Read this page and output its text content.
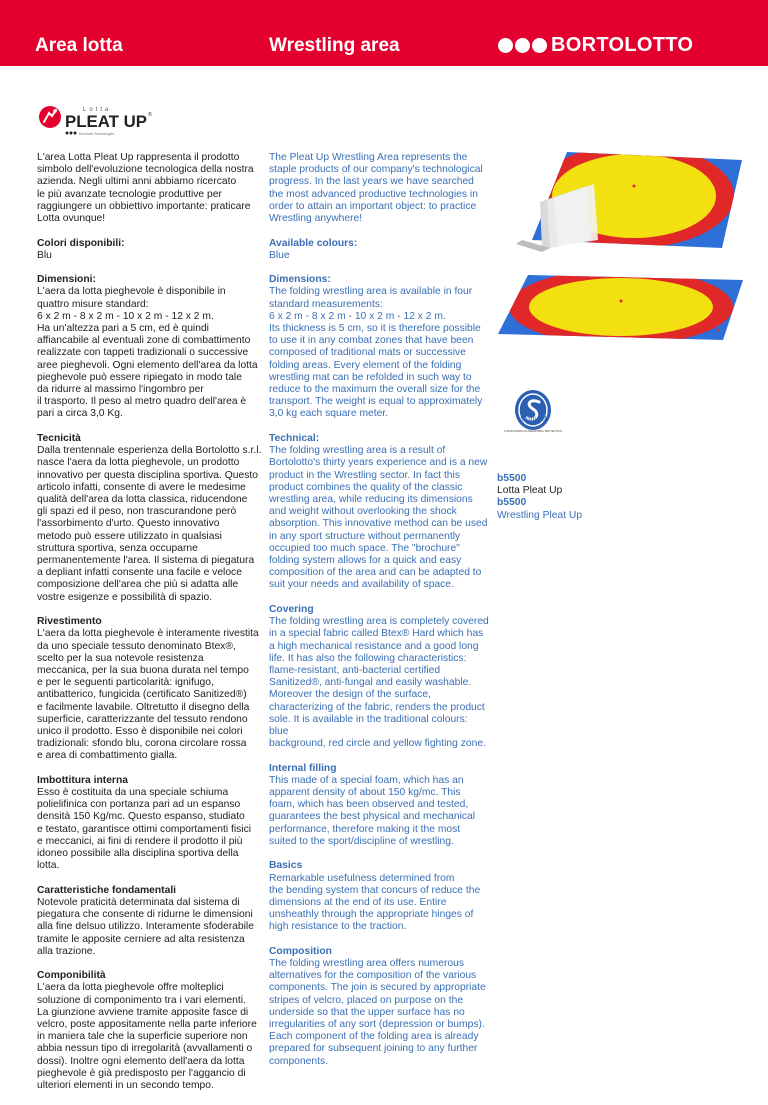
Area lotta	Wrestling area	BORTOLOTTO
Lotta
PLEAT UP ®
Bortolotto Technologies
L'area Lotta Pleat Up rappresenta il prodotto
simbolo dell'evoluzione tecnologica della nostra
azienda. Negli ultimi anni abbiamo ricercato
le più avanzate tecnologie produttive per
raggiungere un obbiettivo importante: praticare
Lotta ovunque!
Colori disponibili:
Blu
Dimensioni:
L'aera da lotta pieghevole è disponibile in
quattro misure standard:
6 x 2 m - 8 x 2 m - 10 x 2 m - 12 x 2 m.
Ha un'altezza pari a 5 cm, ed è quindi
affiancabile al eventuali zone di combattimento
realizzate con tappeti tradizionali o successive
aree pieghevoli. Ogni elemento dell'area da lotta
pieghevole può essere ripiegato in modo tale
da ridurre al massimo l'ingombro per
il trasporto. Il peso al metro quadro dell'area è
pari a circa 3,0 Kg.
Tecnicità
Dalla trentennale esperienza della Bortolotto s.r.l.
nasce l'aera da lotta pieghevole, un prodotto
innovativo per questa disciplina sportiva. Questo
articolo infatti, consente di avere le medesime
qualità dell'area da lotta classica, riducendone
gli spazi ed il peso, non trascurandone però
l'assorbimento d'urto. Questo innovativo
metodo può essere utilizzato in qualsiasi
struttura sportiva, senza occuparne
permanentemente l'area. Il sistema di piegatura
a depliant infatti consente una facile e veloce
composizione dell'area che più si adatta alle
vostre esigenze e possibilità di spazio.
Rivestimento
L'aera da lotta pieghevole è interamente rivestita
da uno speciale tessuto denominato Btex®,
scelto per la sua notevole resistenza
meccanica, per la sua buona durata nel tempo
e per le seguenti particolarità: ignifugo,
antibatterico, fungicida (certificato Sanitized®)
e facilmente lavabile. Oltretutto il disegno della
superficie, caratterizzante del tessuto rendono
unico il prodotto. Esso è disponibile nei colori
tradizionali: sfondo blu, corona circolare rossa
e area di combattimento gialla.
Imbottitura interna
Esso è costituita da una speciale schiuma
polielifinica con portanza pari ad un espanso
densità 150 Kg/mc. Questo espanso, studiato
e testato, garantisce ottimi comportamenti fisici
e meccanici, ai fini di rendere il prodotto il più
idoneo possibile alla disciplina sportiva della lotta.
Caratteristiche fondamentali
Notevole praticità determinata dal sistema di
piegatura che consente di ridurne le dimensioni
alla fine delsuo utilizzo. Interamente sfoderabile
tramite le apposite cerniere ad alta resistenza
alla trazione.
Componibilità
L'aera da lotta pieghevole offre molteplici
soluzione di componimento tra i vari elementi.
La giunzione avviene tramite apposite fasce di
velcro, poste appositamente nella parte inferiore
in maniera tale che la superficie superiore non
abbia nessun tipo di irregolarità (avvallamenti o
dossi). Inoltre ogni elemento dell'aera da lotta
pieghevole è già predisposto per l'aggancio di
ulteriori elementi in un secondo tempo.
The Pleat Up Wrestling Area represents the
staple products of our company's technological
progress. In the last years we have searched
the most advanced productive technologies in
order to attain an important object: to practice
Wrestling anywhere!
Available colours:
Blue
Dimensions:
The folding wrestling area is available in four
standard measurements:
6 x 2 m - 8 x 2 m - 10 x 2 m - 12 x 2 m.
Its thickness is 5 cm, so it is therefore possible
to use it in any combat zones that have been
composed of traditional mats or successive
folding areas. Every element of the folding
wrestling mat can be refolded in such way to
reduce to the maximum the overall size for the
transport. The weight is equal to approximately
3,0 kg each square meter.
Technical:
The folding wrestling area is a result of
Bortolotto's thirty years experience and is a new
product in the Wrestling sector. In fact this
product combines the quality of the classic
wrestling area, while reducing its dimensions
and weight without overlooking the shock
absorption. This innovative method can be used
in any sport structure without permanently
occupied too much space. The "brochure"
folding system allows for a quick and easy
composition of the area and can be adapted to
suit your needs and availability of space.
Covering
The folding wrestling area is completely covered
in a special fabric called Btex® Hard which has
a high mechanical resistance and a good long
life. It has also the following characteristics:
flame-resistant, anti-bacterial certified
Sanitized®, anti-fungal and easily washable.
Moreover the design of the surface,
characterizing of the fabric, renders the product
sole. It is available in the traditional colours: blue
background, red circle and yellow fighting zone.
Internal filling
This made of a special foam, which has an
apparent density of about 150 kg/mc. This
foam, which has been observed and tested,
guarantees the best physical and mechanical
performance, therefore making it the most
suited to the sport/discipline of wrestling.
Basics
Remarkable usefulness determined from
the bending system that concurs of reduce the
dimensions at the end of its use. Entire
unsheathly through the appropriate hinges of
high resistance to the traction.
Composition
The folding wrestling area offers numerous
alternatives for the composition of the various
components. The join is secured by appropriate
stripes of velcro, placed on purpose on the
underside so that the upper surface has no
irregularities of any sort (depression or bumps).
Each component of the folding area is already
prepared for subsequent joining to any further
components.
Sanitized
FOR BACTERIA ANTIMICROBIAL PROTECTION
b5500
Lotta Pleat Up
b5500
Wrestling Pleat Up
